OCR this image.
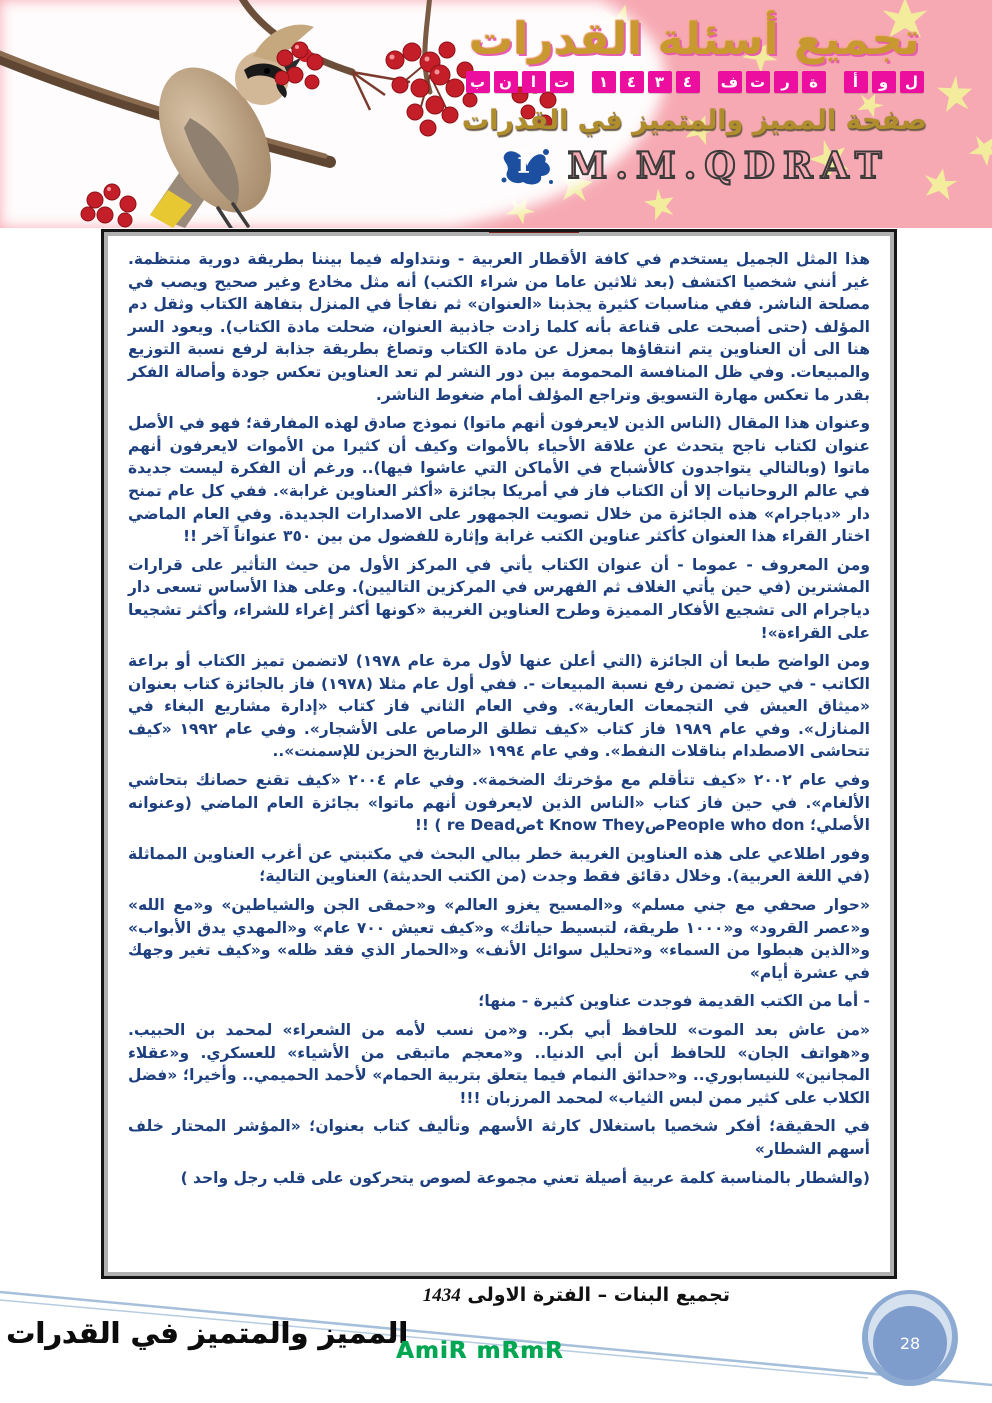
تجميع أسئلة القدرات
ب ن	ا	ت	١	٤	٣	٤	ف ت	ر	ة	أ	و	ل
صفحة المميز والمتميز في القدرات
f M.M.QDRAT

هذا المثل الجميل يستخدم في كافة الأقطار العربية - ونتداوله فيما بيننا بطريقة دورية منتظمة. غير أنني شخصيا اكتشف (بعد ثلاثين عاما من شراء الكتب) أنه مثل مخادع وغير صحيح ويصب في مصلحة الناشر. ففي مناسبات كثيرة يجذبنا «العنوان» ثم نفاجأ في المنزل بتفاهة الكتاب وثقل دم المؤلف (حتى أصبحت على قناعة بأنه كلما زادت جاذبية العنوان، ضحلت مادة الكتاب). ويعود السر هنا الى أن العناوين يتم انتقاؤها بمعزل عن مادة الكتاب وتصاغ بطريقة جذابة لرفع نسبة التوزيع والمبيعات. وفي ظل المنافسة المحمومة بين دور النشر لم تعد العناوين تعكس جودة وأصالة الفكر بقدر ما تعكس مهارة التسويق وتراجع المؤلف أمام ضغوط الناشر.

وعنوان هذا المقال (الناس الذين لايعرفون أنهم ماتوا) نموذج صادق لهذه المفارقة؛ فهو في الأصل عنوان لكتاب ناجح يتحدث عن علاقة الأحياء بالأموات وكيف أن كثيرا من الأموات لايعرفون أنهم ماتوا (وبالتالي يتواجدون كالأشباح في الأماكن التي عاشوا فيها).. ورغم أن الفكرة ليست جديدة في عالم الروحانيات إلا أن الكتاب فاز في أمريكا بجائزة «أكثر العناوين غرابة». ففي كل عام تمنح دار «دياجرام» هذه الجائزة من خلال تصويت الجمهور على الاصدارات الجديدة. وفي العام الماضي اختار القراء هذا العنوان كأكثر عناوين الكتب غرابة وإثارة للفضول من بين ٣٥٠ عنواناً آخر !!

ومن المعروف - عموما - أن عنوان الكتاب يأتي في المركز الأول من حيث التأثير على قرارات المشترين (في حين يأتي الغلاف ثم الفهرس في المركزين التاليين). وعلى هذا الأساس تسعى دار دياجرام الى تشجيع الأفكار المميزة وطرح العناوين الغريبة «كونها أكثر إغراء للشراء، وأكثر تشجيعا على القراءة»!

ومن الواضح طبعا أن الجائزة (التي أعلن عنها لأول مرة عام ١٩٧٨) لاتضمن تميز الكتاب أو براعة الكاتب - في حين تضمن رفع نسبة المبيعات -. ففي أول عام مثلا (١٩٧٨) فاز بالجائزة كتاب بعنوان «ميثاق العيش في التجمعات العارية». وفي العام الثاني فاز كتاب «إدارة مشاريع البغاء في المنازل». وفي عام ١٩٨٩ فاز كتاب «كيف تطلق الرصاص على الأشجار». وفي عام ١٩٩٢ «كيف تتحاشى الاصطدام بناقلات النفط». وفي عام ١٩٩٤ «التاريخ الحزين للإسمنت»..

وفي عام ٢٠٠٢ «كيف تتأقلم مع مؤخرتك الضخمة». وفي عام ٢٠٠٤ «كيف تقنع حصانك بتحاشي الألغام». في حين فاز كتاب «الناس الذين لايعرفون أنهم ماتوا» بجائزة العام الماضي (وعنوانه الأصلي؛ People who donصt Know Theyصre Dead ) !!

وفور اطلاعي على هذه العناوين الغريبة خطر ببالي البحث في مكتبتي عن أغرب العناوين المماثلة (في اللغة العربية). وخلال دقائق فقط وجدت (من الكتب الحديثة) العناوين التالية؛

«حوار صحفي مع جني مسلم» و«المسيح يغزو العالم» و«حمقى الجن والشياطين» و«مع الله» و«عصر القرود» و«١٠٠٠ طريقة، لتبسيط حياتك» و«كيف تعيش ٧٠٠ عام» و«المهدي يدق الأبواب» و«الذين هبطوا من السماء» و«تحليل سوائل الأنف» و«الحمار الذي فقد ظله» و«كيف تغير وجهك في عشرة أيام»

- أما من الكتب القديمة فوجدت عناوين كثيرة - منها؛

«من عاش بعد الموت» للحافظ أبي بكر.. و«من نسب لأمه من الشعراء» لمحمد بن الحبيب. و«هواتف الجان» للحافظ أبن أبي الدنيا.. و«معجم ماتبقى من الأشياء» للعسكري. و«عقلاء المجانين» للنيسابوري.. و«حدائق النمام فيما يتعلق بتربية الحمام» لأحمد الحميمي.. وأخيرا؛ «فضل الكلاب على كثير ممن لبس الثياب» لمحمد المرزبان !!!

في الحقيقة؛ أفكر شخصيا باستغلال كارثة الأسهم وتأليف كتاب بعنوان؛ «المؤشر المحتار خلف أسهم الشطار»

(والشطار بالمناسبة كلمة عربية أصيلة تعني مجموعة لصوص يتحركون على قلب رجل واحد )

تجميع البنات – الفترة الاولى 1434
المميز والمتميز في القدرات
AmiR mRmR	28
